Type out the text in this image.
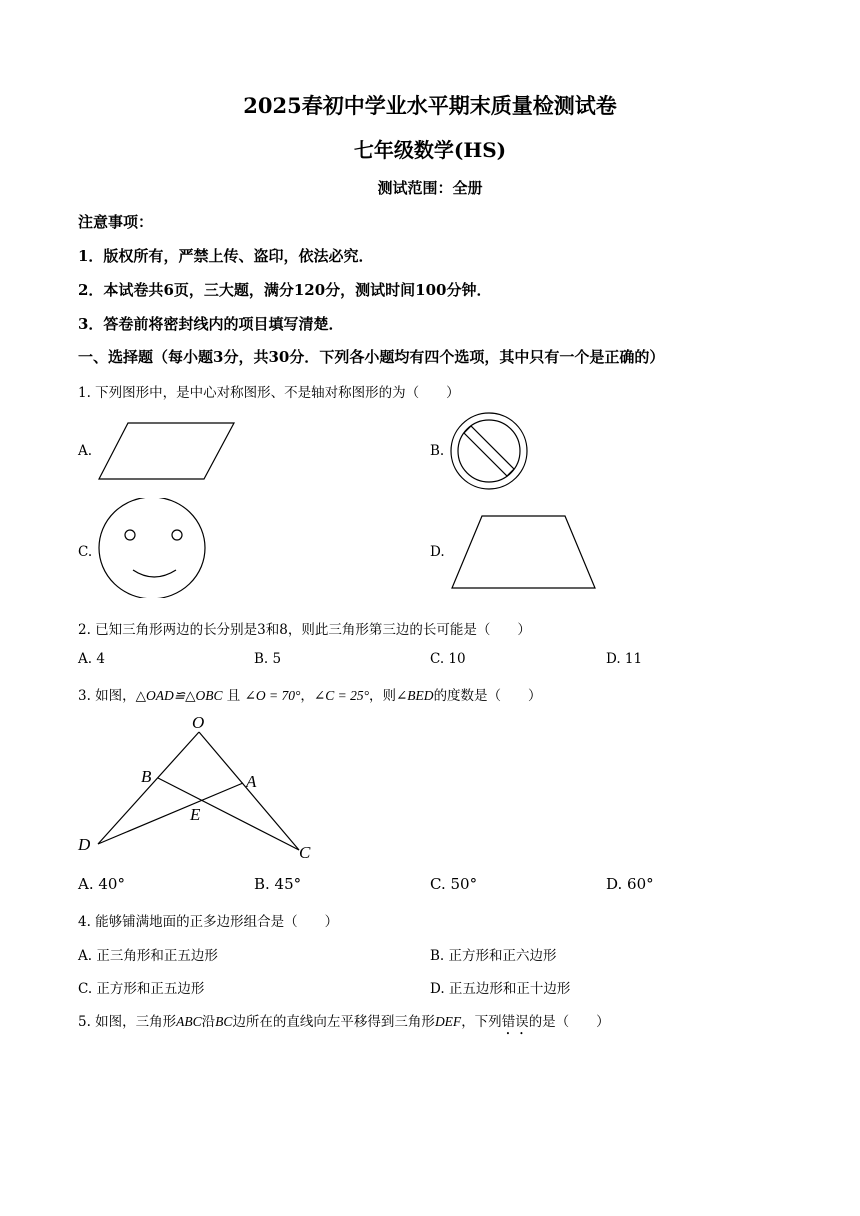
2025春初中学业水平期末质量检测试卷
七年级数学(HS)
测试范围：全册
注意事项：
1．版权所有，严禁上传、盗印，依法必究．
2．本试卷共6页，三大题，满分120分，测试时间100分钟．
3．答卷前将密封线内的项目填写清楚．
一、选择题（每小题3分，共30分．下列各小题均有四个选项，其中只有一个是正确的）
1. 下列图形中，是中心对称图形、不是轴对称图形的为（　　）
A.	B.
C.	D.
2. 已知三角形两边的长分别是3和8，则此三角形第三边的长可能是（　　）
A. 4	B. 5	C. 10	D. 11
3. 如图，△OAD≌△OBC 且 ∠O = 70°，∠C = 25°，则∠BED的度数是（　　）
O
B	A
E
D	C
A. 40°	B. 45°	C. 50°	D. 60°
4. 能够铺满地面的正多边形组合是（　　）
A. 正三角形和正五边形	B. 正方形和正六边形
C. 正方形和正五边形	D. 正五边形和正十边形
5. 如图，三角形ABC沿BC边所在的直线向左平移得到三角形DEF，下列错误的是（　　）
